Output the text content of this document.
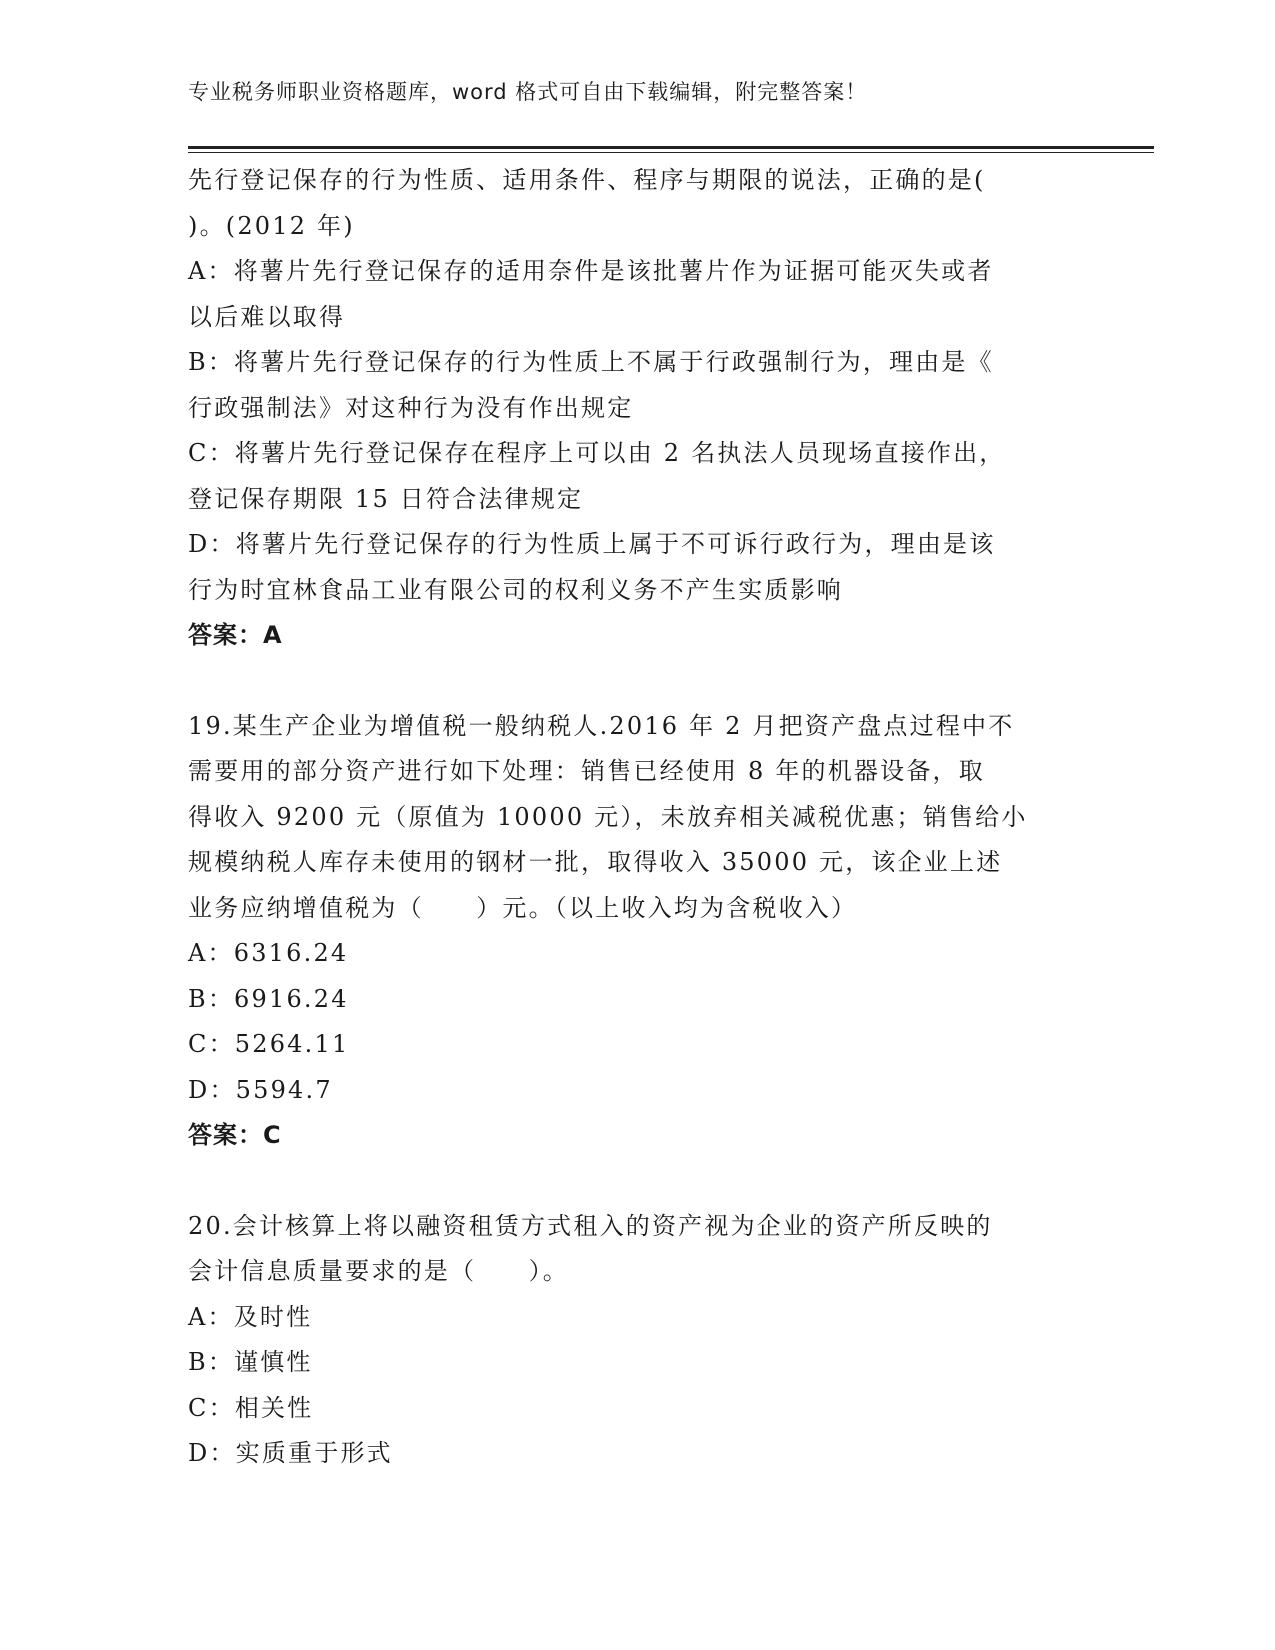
专业税务师职业资格题库，word 格式可自由下载编辑，附完整答案！
先行登记保存的行为性质、适用条件、程序与期限的说法，正确的是(
)。(2012 年)
A：将薯片先行登记保存的适用奈件是该批薯片作为证据可能灭失或者
以后难以取得
B：将薯片先行登记保存的行为性质上不属于行政强制行为，理由是《
行政强制法》对这种行为没有作出规定
C：将薯片先行登记保存在程序上可以由 2 名执法人员现场直接作出，
登记保存期限 15 日符合法律规定
D：将薯片先行登记保存的行为性质上属于不可诉行政行为，理由是该
行为时宜林食品工业有限公司的权利义务不产生实质影响
答案：A
19.某生产企业为增值税一般纳税人.2016 年 2 月把资产盘点过程中不
需要用的部分资产进行如下处理：销售已经使用 8 年的机器设备，取
得收入 9200 元（原值为 10000 元），未放弃相关减税优惠；销售给小
规模纳税人库存未使用的钢材一批，取得收入 35000 元，该企业上述
业务应纳增值税为（　　）元。（以上收入均为含税收入）
A：6316.24
B：6916.24
C：5264.11
D：5594.7
答案：C
20.会计核算上将以融资租赁方式租入的资产视为企业的资产所反映的
会计信息质量要求的是（　　）。
A：及时性
B：谨慎性
C：相关性
D：实质重于形式
